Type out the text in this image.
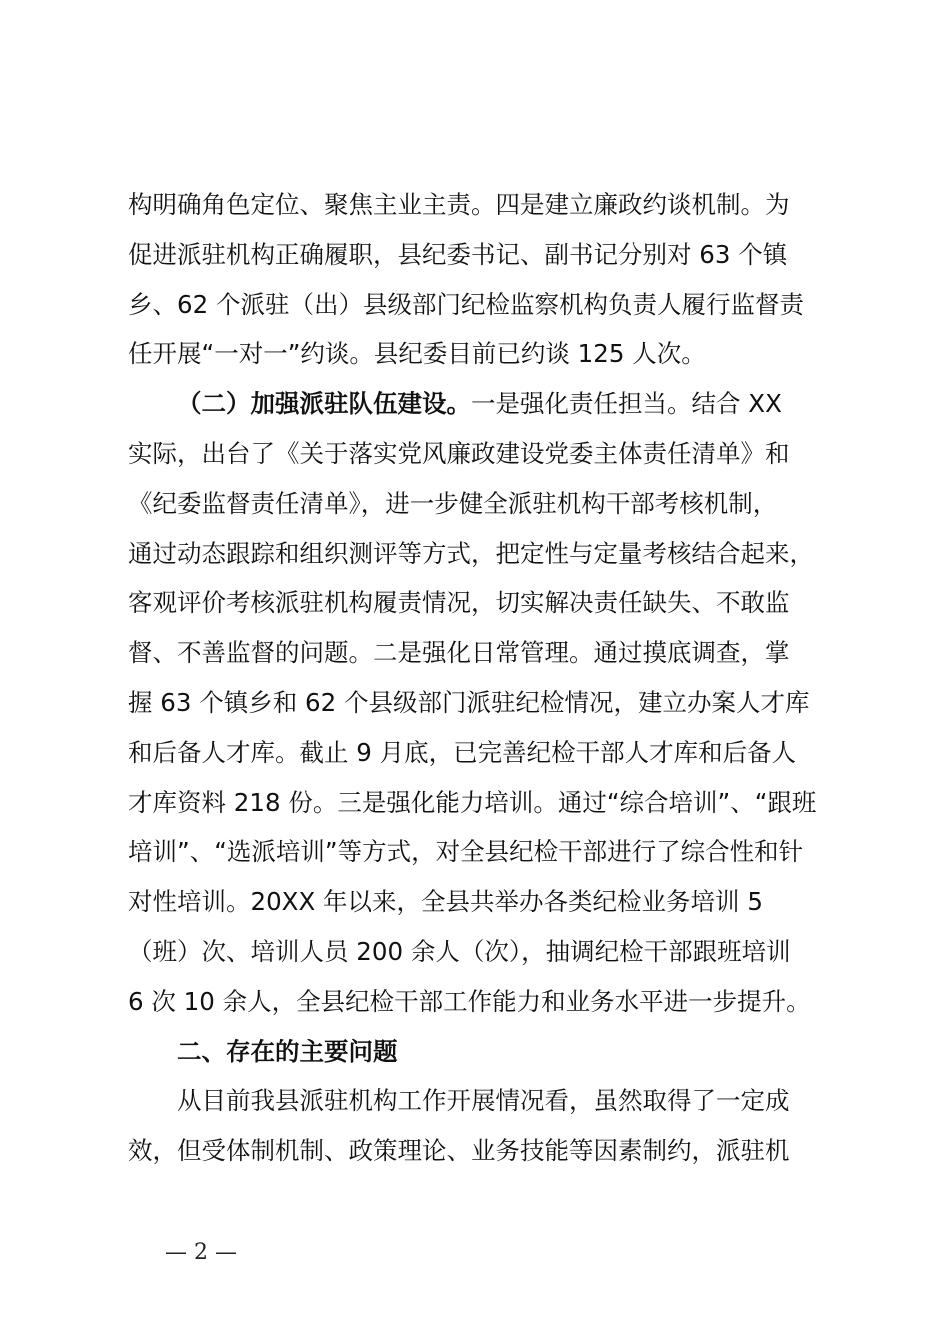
构明确角色定位、聚焦主业主责。四是建立廉政约谈机制。为
促进派驻机构正确履职，县纪委书记、副书记分别对 63 个镇
乡、62 个派驻（出）县级部门纪检监察机构负责人履行监督责
任开展“一对一”约谈。县纪委目前已约谈 125 人次。
（二）加强派驻队伍建设。一是强化责任担当。结合 XX
实际，出台了《关于落实党风廉政建设党委主体责任清单》和
《纪委监督责任清单》，进一步健全派驻机构干部考核机制，
通过动态跟踪和组织测评等方式，把定性与定量考核结合起来，
客观评价考核派驻机构履责情况，切实解决责任缺失、不敢监
督、不善监督的问题。二是强化日常管理。通过摸底调查，掌
握 63 个镇乡和 62 个县级部门派驻纪检情况，建立办案人才库
和后备人才库。截止 9 月底，已完善纪检干部人才库和后备人
才库资料 218 份。三是强化能力培训。通过“综合培训”、“跟班
培训”、“选派培训”等方式，对全县纪检干部进行了综合性和针
对性培训。20XX 年以来，全县共举办各类纪检业务培训 5
（班）次、培训人员 200 余人（次），抽调纪检干部跟班培训
6 次 10 余人，全县纪检干部工作能力和业务水平进一步提升。
二、存在的主要问题
从目前我县派驻机构工作开展情况看，虽然取得了一定成
效，但受体制机制、政策理论、业务技能等因素制约，派驻机
— 2 —
